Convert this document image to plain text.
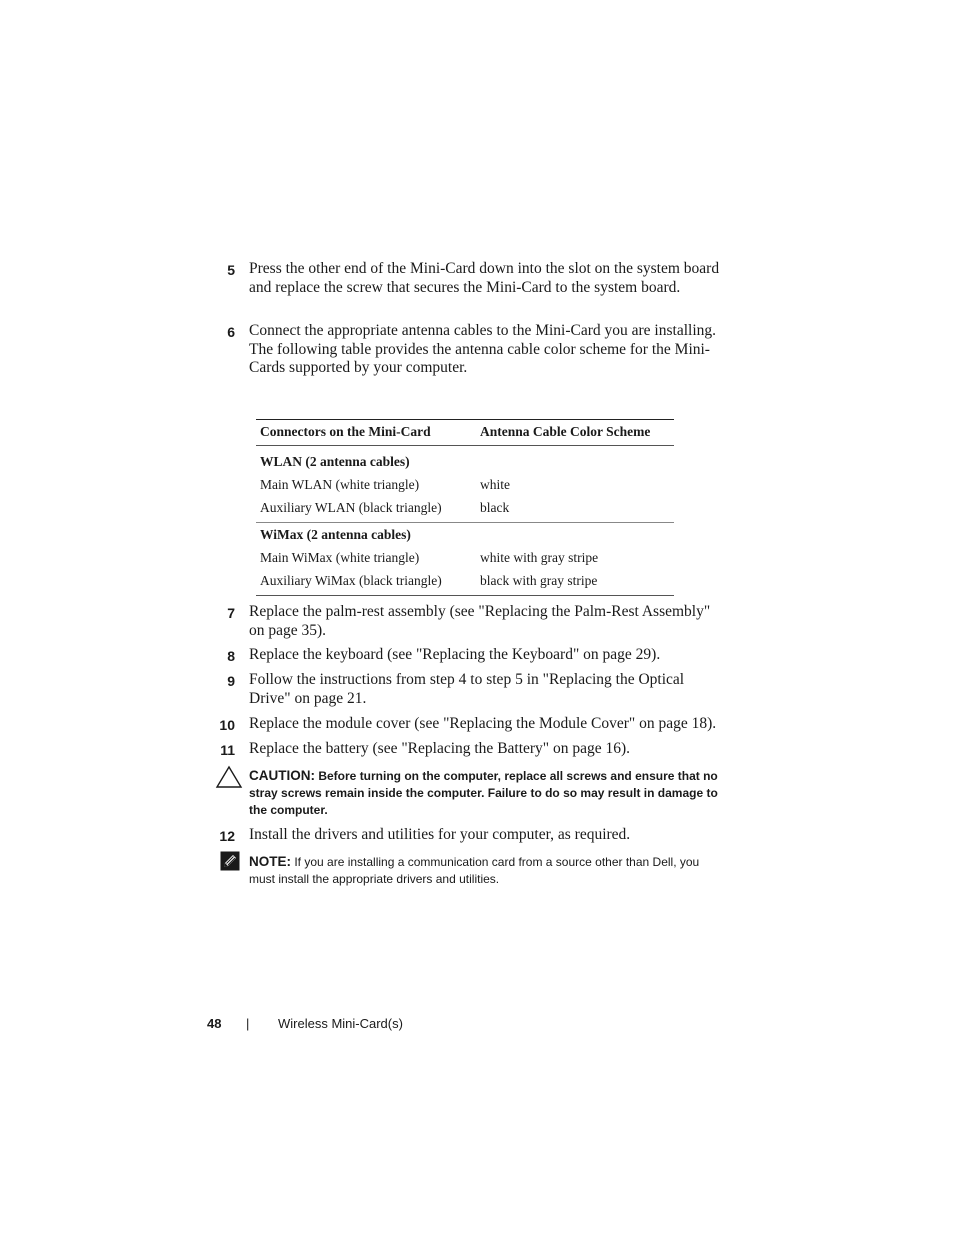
5 Press the other end of the Mini-Card down into the slot on the system board and replace the screw that secures the Mini-Card to the system board.

6 Connect the appropriate antenna cables to the Mini-Card you are installing.

The following table provides the antenna cable color scheme for the Mini-Cards supported by your computer.

Connectors on the Mini-Card	Antenna Cable Color Scheme
WLAN (2 antenna cables)	
Main WLAN (white triangle)	white
Auxiliary WLAN (black triangle)	black
WiMax (2 antenna cables)	
Main WiMax (white triangle)	white with gray stripe
Auxiliary WiMax (black triangle)	black with gray stripe
7 Replace the palm-rest assembly (see "Replacing the Palm-Rest Assembly" on page 35).
8 Replace the keyboard (see "Replacing the Keyboard" on page 29).
9 Follow the instructions from step 4 to step 5 in "Replacing the Optical Drive" on page 21.
10 Replace the module cover (see "Replacing the Module Cover" on page 18).
11 Replace the battery (see "Replacing the Battery" on page 16).
CAUTION: Before turning on the computer, replace all screws and ensure that no stray screws remain inside the computer. Failure to do so may result in damage to the computer.
12 Install the drivers and utilities for your computer, as required.
NOTE: If you are installing a communication card from a source other than Dell, you must install the appropriate drivers and utilities.
48 | Wireless Mini-Card(s)
